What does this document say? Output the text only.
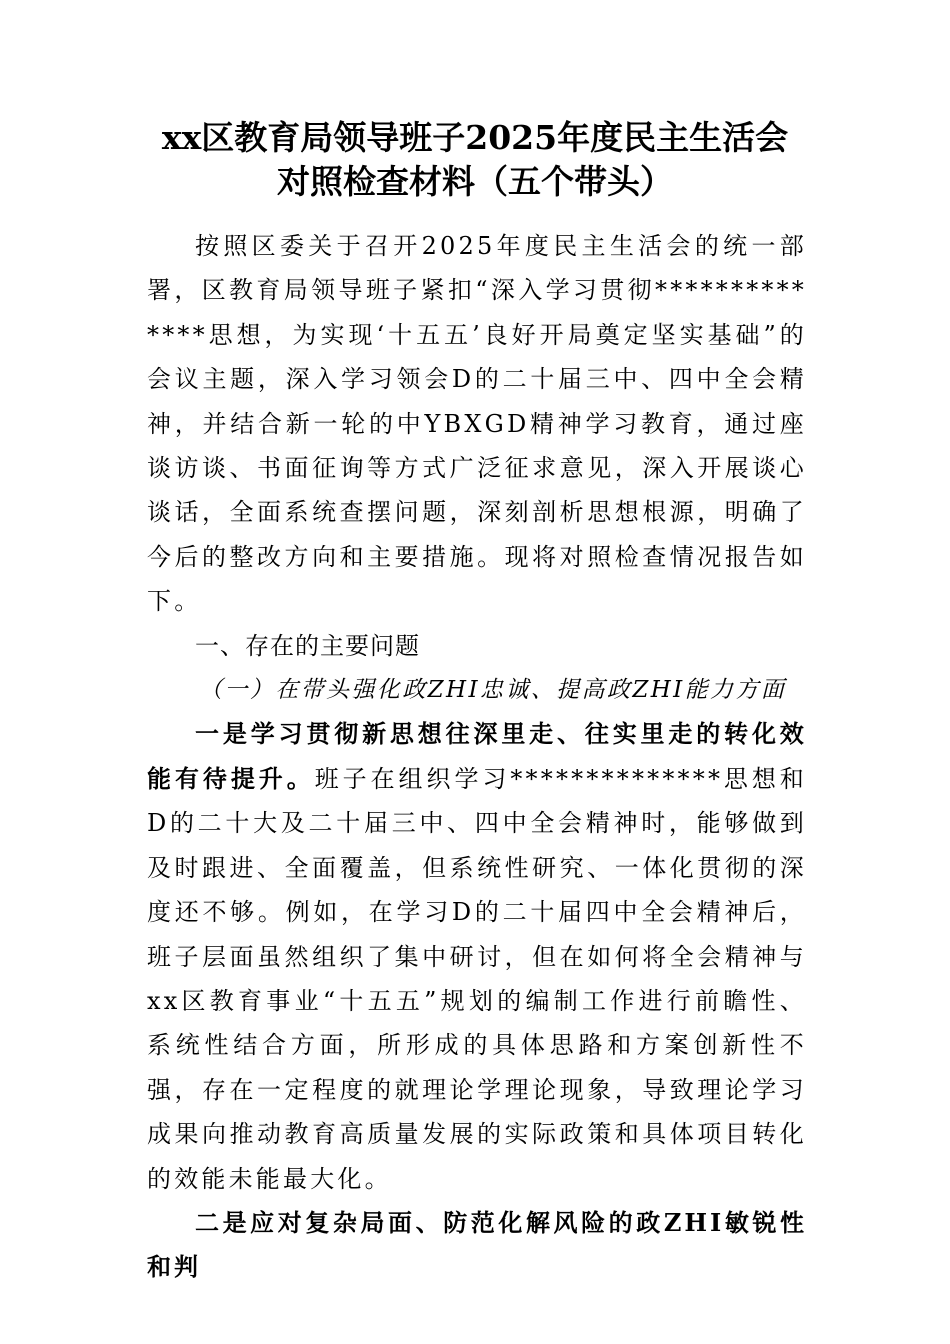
xx区教育局领导班子2025年度民主生活会
对照检查材料（五个带头）

按照区委关于召开2025年度民主生活会的统一部署，区教育局领导班子紧扣“深入学习贯彻**************思想，为实现‘十五五’良好开局奠定坚实基础”的会议主题，深入学习领会D的二十届三中、四中全会精神，并结合新一轮的中YBXGD精神学习教育，通过座谈访谈、书面征询等方式广泛征求意见，深入开展谈心谈话，全面系统查摆问题，深刻剖析思想根源，明确了今后的整改方向和主要措施。现将对照检查情况报告如下。

一、存在的主要问题

（一）在带头强化政ZHI忠诚、提高政ZHI能力方面

一是学习贯彻新思想往深里走、往实里走的转化效能有待提升。班子在组织学习**************思想和D的二十大及二十届三中、四中全会精神时，能够做到及时跟进、全面覆盖，但系统性研究、一体化贯彻的深度还不够。例如，在学习D的二十届四中全会精神后，班子层面虽然组织了集中研讨，但在如何将全会精神与xx区教育事业“十五五”规划的编制工作进行前瞻性、系统性结合方面，所形成的具体思路和方案创新性不强，存在一定程度的就理论学理论现象，导致理论学习成果向推动教育高质量发展的实际政策和具体项目转化的效能未能最大化。

二是应对复杂局面、防范化解风险的政ZHI敏锐性和判
